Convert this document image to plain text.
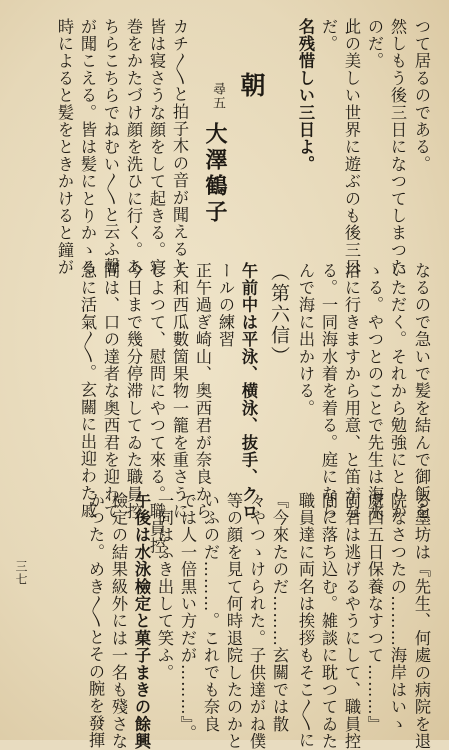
つて居るのである。
然しもう後三日になつてしまつた
のだ。
此の美しい世界に遊ぶのも後三日
だ。
名残惜しい三日よ。
朝
尋五
大澤鶴子
カチ〳〵と拍子木の音が聞えると
皆は寝さうな顔をして起きる。寝
巻をかたづけ顔を洗ひに行く。あ
ちらこちらでねむい〳〵と云ふ聲
が聞こえる。皆は髪にとりかゝる
時によると髪をときかけると鐘が
なるので急いで髪を結んで御飯を
いただく。それから勉強にとりか
ゝる。やつとのことで先生は海水
浴に行きますから用意、と笛がな
る。一同海水着を着る。庭になら
んで海に出かける。
（第六信）
午前中は平泳、横泳、抜手、クロ
ールの練習
正午過ぎ崎山、奥西君が奈良から
大和西瓜數箇果物一籠を重さうに
しよつて、慰問にやつて來る。職員控
今日まで幾分停滞してゐた職員控
間は、口の達者な奥西君を迎わて
急に活氣〳〵。玄關に出迎わた戚
る墨坊は『先生、何處の病院を退
院なさつたの………海岸はいゝ
處四五日保養なすつて………』
両君は逃げるやうにして、職員控
間に落ち込む。雑談に耽つてゐた
職員達に両名は挨拶もそこ〳〵に
『今來たのだ………玄關では散
々やつゝけられた。子供達がね僕
等の顔を見て何時退院したのかと
いふのだ………。これでも奈良
では人一倍黒い方だが………』。
一同はふき出して笑ふ。
午後は水泳檢定と菓子まきの餘興
檢定の結果級外には一名も殘さな
かつた。めき〳〵とその腕を發揮
三七
